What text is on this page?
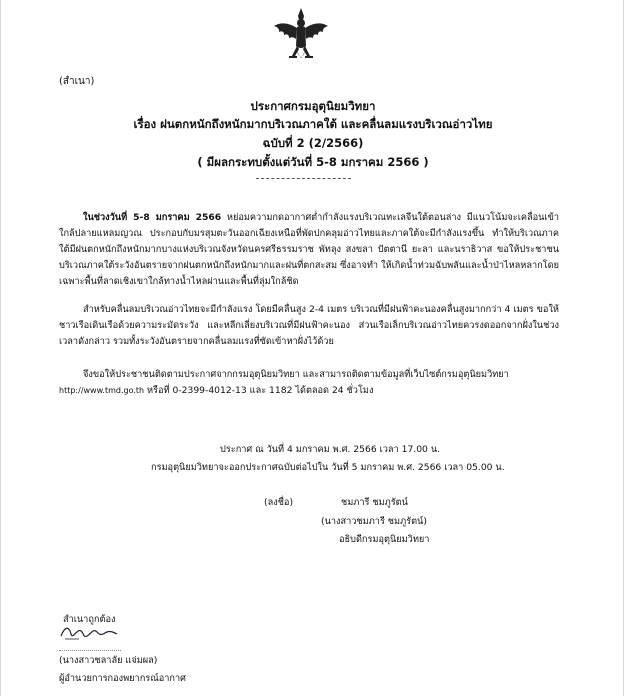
(สำเนา)
ประกาศกรมอุตุนิยมวิทยา
เรื่อง ฝนตกหนักถึงหนักมากบริเวณภาคใต้ และคลื่นลมแรงบริเวณอ่าวไทย
ฉบับที่ 2 (2/2566)
( มีผลกระทบตั้งแต่วันที่ 5-8 มกราคม 2566 )
ในช่วงวันที่ 5-8 มกราคม 2566 หย่อมความกดอากาศต่ำกำลังแรงบริเวณทะเลจีนใต้ตอนล่าง มีแนวโน้มจะเคลื่อนเข้าใกล้ปลายแหลมญวณ ประกอบกับมรสุมตะวันออกเฉียงเหนือที่พัดปกคลุมอ่าวไทยและภาคใต้จะมีกำลังแรงขึ้น ทำให้บริเวณภาคใต้มีฝนตกหนักถึงหนักมากบางแห่งบริเวณจังหวัดนครศรีธรรมราช พัทลุง สงขลา ปัตตานี ยะลา และนราธิวาส ขอให้ประชาชนบริเวณภาคใต้ระวังอันตรายจากฝนตกหนักถึงหนักมากและฝนที่ตกสะสม ซึ่งอาจทำ ให้เกิดน้ำท่วมฉับพลันและน้ำป่าไหลหลากโดยเฉพาะพื้นที่ลาดเชิงเขาใกล้ทางน้ำไหลผ่านและพื้นที่ลุ่มใกล้ชิด
สำหรับคลื่นลมบริเวณอ่าวไทยจะมีกำลังแรง โดยมีคลื่นสูง 2-4 เมตร บริเวณที่มีฝนฟ้าคะนองคลื่นสูงมากกว่า 4 เมตร ขอให้ชาวเรือเดินเรือด้วยความระมัดระวัง และหลีกเลี่ยงบริเวณที่มีฝนฟ้าคะนอง ส่วนเรือเล็กบริเวณอ่าวไทยควรงดออกจากฝั่งในช่วงเวลาดังกล่าว รวมทั้งระวังอันตรายจากคลื่นลมแรงที่ซัดเข้าหาฝั่งไว้ด้วย
จึงขอให้ประชาชนติดตามประกาศจากกรมอุตุนิยมวิทยา และสามารถติดตามข้อมูลที่เว็บไซต์กรมอุตุนิยมวิทยา
http://www.tmd.go.th หรือที่ 0-2399-4012-13 และ 1182 ได้ตลอด 24 ชั่วโมง
ประกาศ ณ วันที่ 4 มกราคม พ.ศ. 2566 เวลา 17.00 น.
กรมอุตุนิยมวิทยาจะออกประกาศฉบับต่อไปใน วันที่ 5 มกราคม พ.ศ. 2566 เวลา 05.00 น.
(ลงชื่อ)	ชมภารี ชมภูรัตน์
(นางสาวชมภารี ชมภูรัตน์)
อธิบดีกรมอุตุนิยมวิทยา
สำเนาถูกต้อง
(นางสาวชลาลัย แจ่มผล)
ผู้อำนวยการกองพยากรณ์อากาศ
